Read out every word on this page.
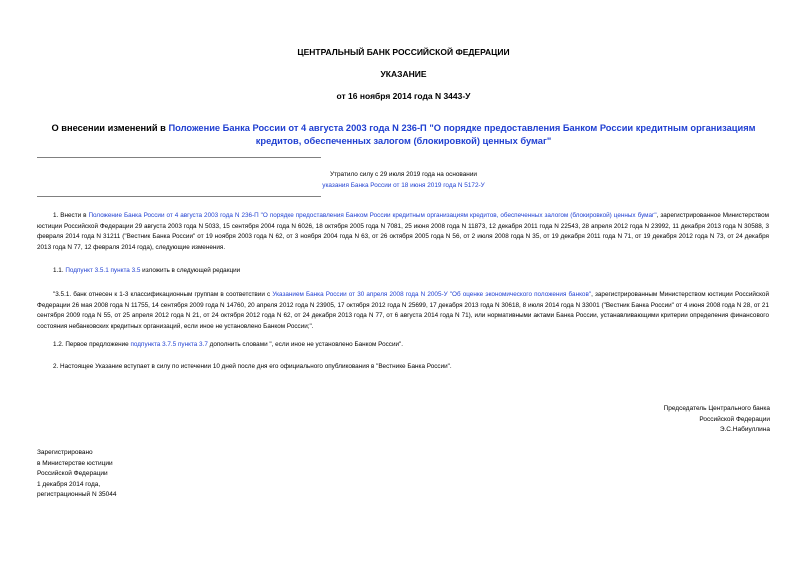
ЦЕНТРАЛЬНЫЙ БАНК РОССИЙСКОЙ ФЕДЕРАЦИИ
УКАЗАНИЕ
от 16 ноября 2014 года N 3443-У
О внесении изменений в Положение Банка России от 4 августа 2003 года N 236-П "О порядке предоставления Банком России кредитным организациям кредитов, обеспеченных залогом (блокировкой) ценных бумаг"
Утратило силу с 29 июля 2019 года на основании
указания Банка России от 18 июня 2019 года N 5172-У
1. Внести в Положение Банка России от 4 августа 2003 года N 236-П "О порядке предоставления Банком России кредитным организациям кредитов, обеспеченных залогом (блокировкой) ценных бумаг", зарегистрированное Министерством юстиции Российской Федерации 29 августа 2003 года N 5033, 15 сентября 2004 года N 6026, 18 октября 2005 года N 7081, 25 июня 2008 года N 11873, 12 декабря 2011 года N 22543, 28 апреля 2012 года N 23992, 11 декабря 2013 года N 30588, 3 февраля 2014 года N 31211 ("Вестник Банка России" от 19 ноября 2003 года N 62, от 3 ноября 2004 года N 63, от 26 октября 2005 года N 56, от 2 июля 2008 года N 35, от 19 декабря 2011 года N 71, от 19 декабря 2012 года N 73, от 24 декабря 2013 года N 77, 12 февраля 2014 года), следующие изменения.
1.1. Подпункт 3.5.1 пункта 3.5 изложить в следующей редакции
"3.5.1. банк отнесен к 1-3 классификационным группам в соответствии с Указанием Банка России от 30 апреля 2008 года N 2005-У "Об оценке экономического положения банков", зарегистрированным Министерством юстиции Российской Федерации 26 мая 2008 года N 11755, 14 сентября 2009 года N 14760, 20 апреля 2012 года N 23905, 17 октября 2012 года N 25699, 17 декабря 2013 года N 30618, 8 июля 2014 года N 33001 ("Вестник Банка России" от 4 июня 2008 года N 28, от 21 сентября 2009 года N 55, от 25 апреля 2012 года N 21, от 24 октября 2012 года N 62, от 24 декабря 2013 года N 77, от 6 августа 2014 года N 71), или нормативными актами Банка России, устанавливающими критерии определения финансового состояния небанковских кредитных организаций, если иное не установлено Банком России;".
1.2. Первое предложение подпункта 3.7.5 пункта 3.7 дополнить словами ", если иное не установлено Банком России".
2. Настоящее Указание вступает в силу по истечении 10 дней после дня его официального опубликования в "Вестнике Банка России".
Председатель Центрального банка
Российской Федерации
Э.С.Набиуллина
Зарегистрировано
в Министерстве юстиции
Российской Федерации
1 декабря 2014 года,
регистрационный N 35044
